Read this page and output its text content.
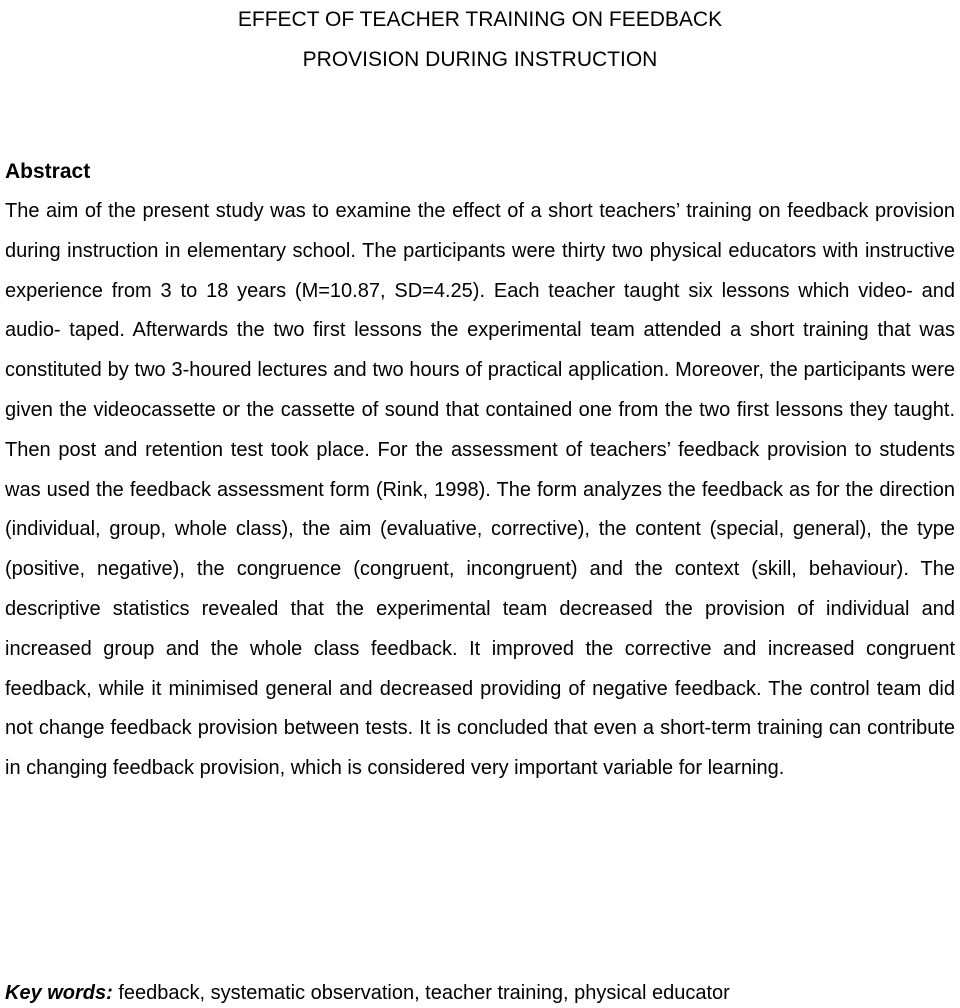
EFFECT OF TEACHER TRAINING ON FEEDBACK
PROVISION DURING INSTRUCTION
Abstract

The aim of the present study was to examine the effect of a short teachers’ training on feedback provision during instruction in elementary school. The participants were thirty two physical educators with instructive experience from 3 to 18 years (M=10.87, SD=4.25). Each teacher taught six lessons which video- and audio- taped. Afterwards the two first lessons the experimental team attended a short training that was constituted by two 3-houred lectures and two hours of practical application. Moreover, the participants were given the videocassette or the cassette of sound that contained one from the two first lessons they taught. Then post and retention test took place. For the assessment of teachers’ feedback provision to students was used the feedback assessment form (Rink, 1998). The form analyzes the feedback as for the direction (individual, group, whole class), the aim (evaluative, corrective), the content (special, general), the type (positive, negative), the congruence (congruent, incongruent) and the context (skill, behaviour). The descriptive statistics revealed that the experimental team decreased the provision of individual and increased group and the whole class feedback. It improved the corrective and increased congruent feedback, while it minimised general and decreased providing of negative feedback. The control team did not change feedback provision between tests. It is concluded that even a short-term training can contribute in changing feedback provision, which is considered very important variable for learning.

Key words: feedback, systematic observation, teacher training, physical educator
